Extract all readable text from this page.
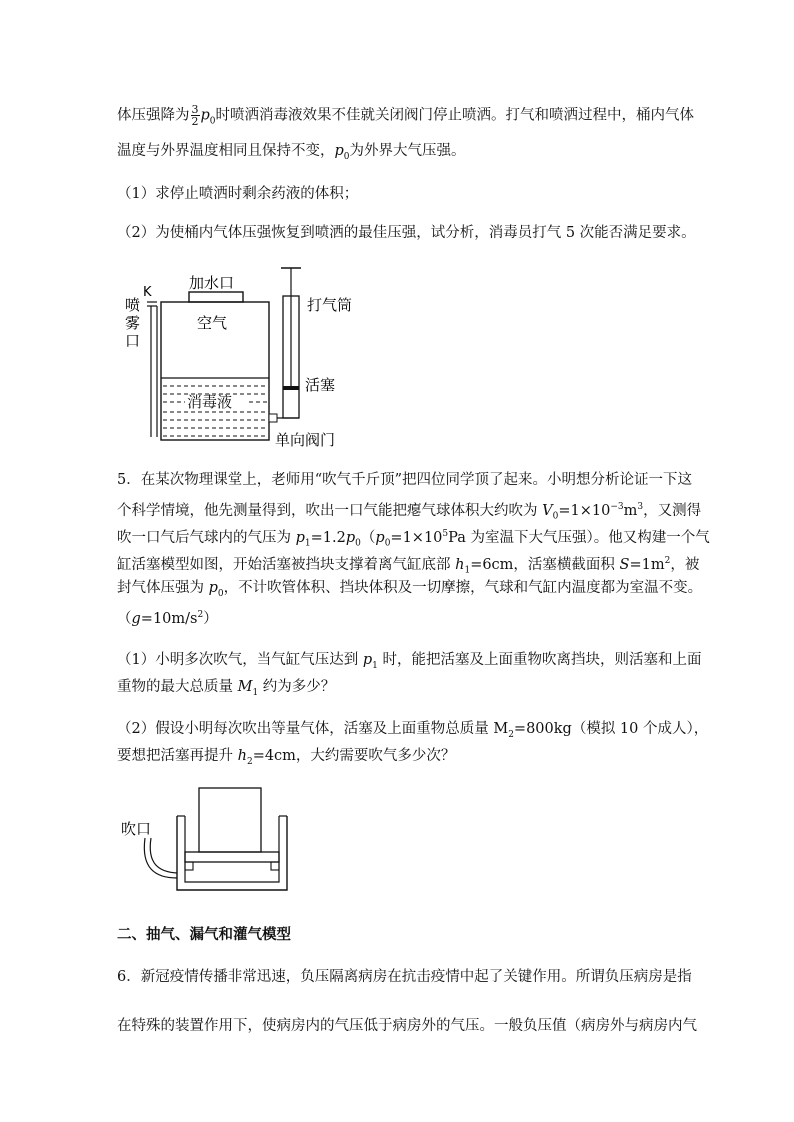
体压强降为 $\frac{3}{2} p_0$时喷洒消毒液效果不佳就关闭阀门停止喷洒。打气和喷洒过程中，桶内气体
温度与外界温度相同且保持不变，$p_0$为外界大气压强。
（1）求停止喷洒时剩余药液的体积；
（2）为使桶内气体压强恢复到喷洒的最佳压强，试分析，消毒员打气 5 次能否满足要求。
喷
雾
口
K
加水口
空气
消毒液
打气筒
活塞
单向阀门
5．在某次物理课堂上，老师用“吹气千斤顶”把四位同学顶了起来。小明想分析论证一下这
个科学情境，他先测量得到，吹出一口气能把瘪气球体积大约吹为 $V_0=1\times 10^{-3}m^3$，又测得
吹一口气后气球内的气压为 $p_1=1.2p_0(p_0=1\times 10^5Pa$ 为室温下大气压强）。他又构建一个气
缸活塞模型如图，开始活塞被挡块支撑着离气缸底部 $h_1=6cm$，活塞横截面积 $S=1m^2$，被
封气体压强为 $p_0$，不计吹管体积、挡块体积及一切摩擦，气球和气缸内温度都为室温不变。
$(g=10m/s^2)$
（1）小明多次吹气，当气缸气压达到 $p_1$ 时，能把活塞及上面重物吹离挡块，则活塞和上面
重物的最大总质量 $M_1$ 约为多少？
（2）假设小明每次吹出等量气体，活塞及上面重物总质量 $M_2=800kg$（模拟 10 个成人），
要想把活塞再提升 $h_2=4cm$，大约需要吹气多少次？
吹口
二、抽气、漏气和灌气模型
6．新冠疫情传播非常迅速，负压隔离病房在抗击疫情中起了关键作用。所谓负压病房是指
在特殊的装置作用下，使病房内的气压低于病房外的气压。一般负压值（病房外与病房内气
